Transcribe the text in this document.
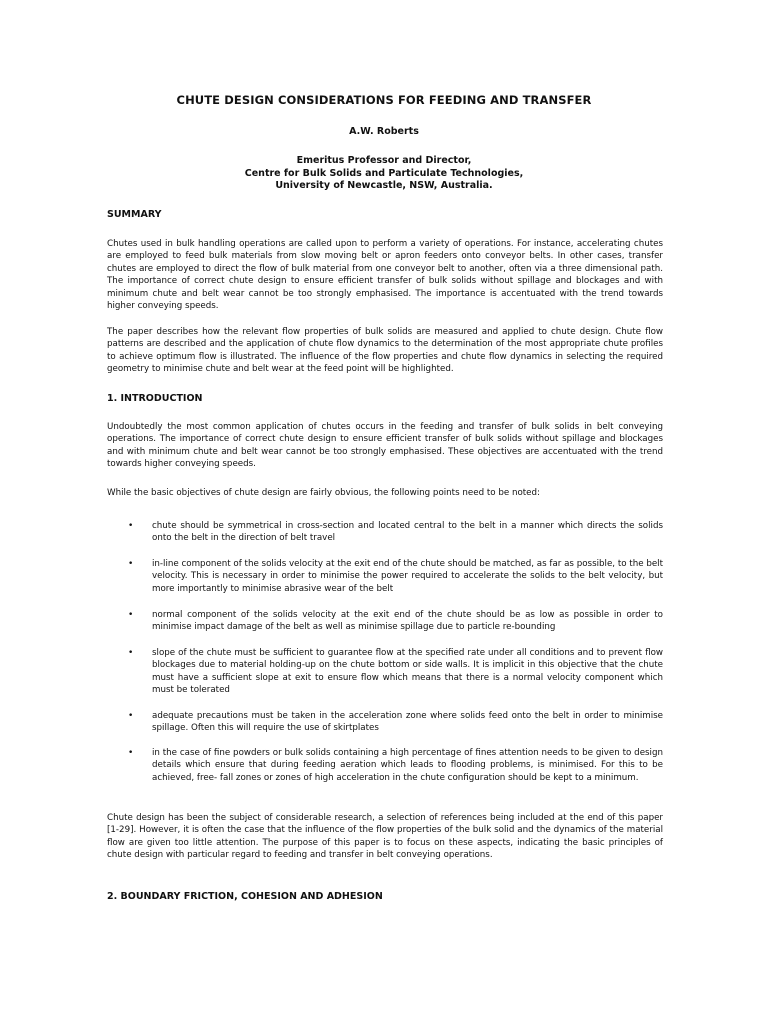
CHUTE DESIGN CONSIDERATIONS FOR FEEDING AND TRANSFER
A.W. Roberts
Emeritus Professor and Director,
Centre for Bulk Solids and Particulate Technologies,
University of Newcastle, NSW, Australia.
SUMMARY
Chutes used in bulk handling operations are called upon to perform a variety of operations. For instance, accelerating chutes are employed to feed bulk materials from slow moving belt or apron feeders onto conveyor belts. In other cases, transfer chutes are employed to direct the flow of bulk material from one conveyor belt to another, often via a three dimensional path. The importance of correct chute design to ensure efficient transfer of bulk solids without spillage and blockages and with minimum chute and belt wear cannot be too strongly emphasised. The importance is accentuated with the trend towards higher conveying speeds.
The paper describes how the relevant flow properties of bulk solids are measured and applied to chute design. Chute flow patterns are described and the application of chute flow dynamics to the determination of the most appropriate chute profiles to achieve optimum flow is illustrated. The influence of the flow properties and chute flow dynamics in selecting the required geometry to minimise chute and belt wear at the feed point will be highlighted.
1. INTRODUCTION
Undoubtedly the most common application of chutes occurs in the feeding and transfer of bulk solids in belt conveying operations. The importance of correct chute design to ensure efficient transfer of bulk solids without spillage and blockages and with minimum chute and belt wear cannot be too strongly emphasised. These objectives are accentuated with the trend towards higher conveying speeds.
While the basic objectives of chute design are fairly obvious, the following points need to be noted:
• chute should be symmetrical in cross-section and located central to the belt in a manner which directs the solids onto the belt in the direction of belt travel
• in-line component of the solids velocity at the exit end of the chute should be matched, as far as possible, to the belt velocity. This is necessary in order to minimise the power required to accelerate the solids to the belt velocity, but more importantly to minimise abrasive wear of the belt
• normal component of the solids velocity at the exit end of the chute should be as low as possible in order to minimise impact damage of the belt as well as minimise spillage due to particle re-bounding
• slope of the chute must be sufficient to guarantee flow at the specified rate under all conditions and to prevent flow blockages due to material holding-up on the chute bottom or side walls. It is implicit in this objective that the chute must have a sufficient slope at exit to ensure flow which means that there is a normal velocity component which must be tolerated
• adequate precautions must be taken in the acceleration zone where solids feed onto the belt in order to minimise spillage. Often this will require the use of skirtplates
• in the case of fine powders or bulk solids containing a high percentage of fines attention needs to be given to design details which ensure that during feeding aeration which leads to flooding problems, is minimised. For this to be achieved, free- fall zones or zones of high acceleration in the chute configuration should be kept to a minimum.
Chute design has been the subject of considerable research, a selection of references being included at the end of this paper [1-29]. However, it is often the case that the influence of the flow properties of the bulk solid and the dynamics of the material flow are given too little attention. The purpose of this paper is to focus on these aspects, indicating the basic principles of chute design with particular regard to feeding and transfer in belt conveying operations.
2. BOUNDARY FRICTION, COHESION AND ADHESION
